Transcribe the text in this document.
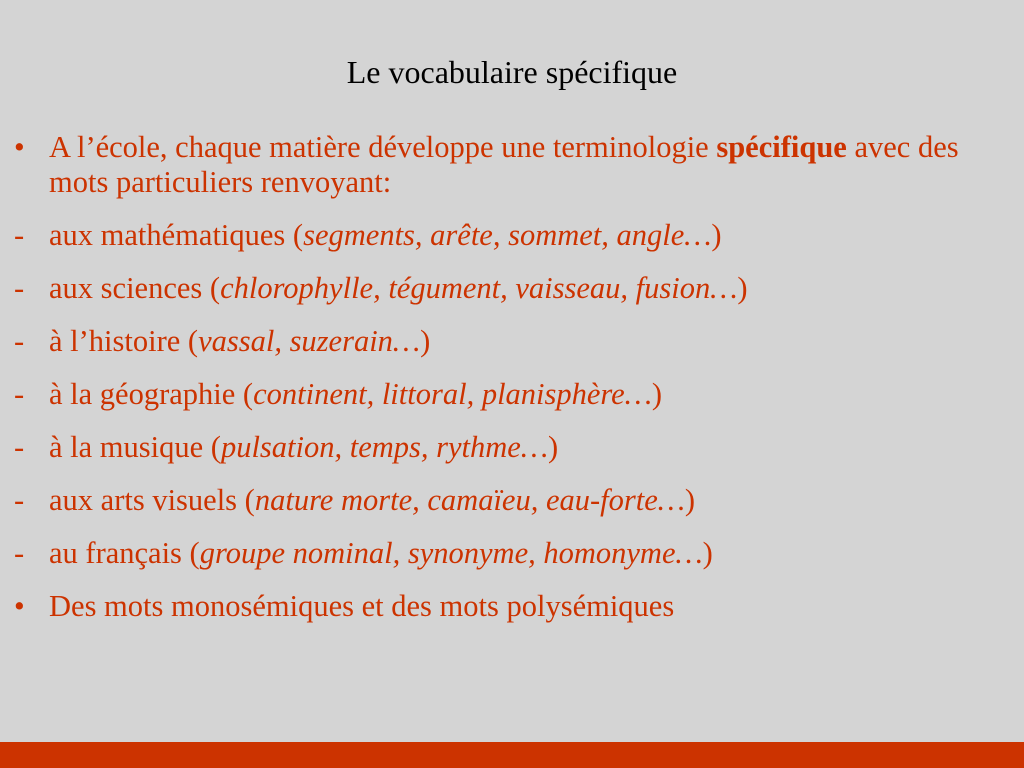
Le vocabulaire spécifique
• A l’école, chaque matière développe une terminologie spécifique avec des mots particuliers renvoyant:
- aux mathématiques (segments, arête, sommet, angle…)
- aux sciences (chlorophylle, tégument, vaisseau, fusion…)
- à l’histoire (vassal, suzerain…)
- à la géographie (continent, littoral, planisphère…)
- à la musique (pulsation, temps, rythme…)
- aux arts visuels (nature morte, camaïeu, eau-forte…)
- au français (groupe nominal, synonyme, homonyme…)
• Des mots monosémiques et des mots polysémiques
